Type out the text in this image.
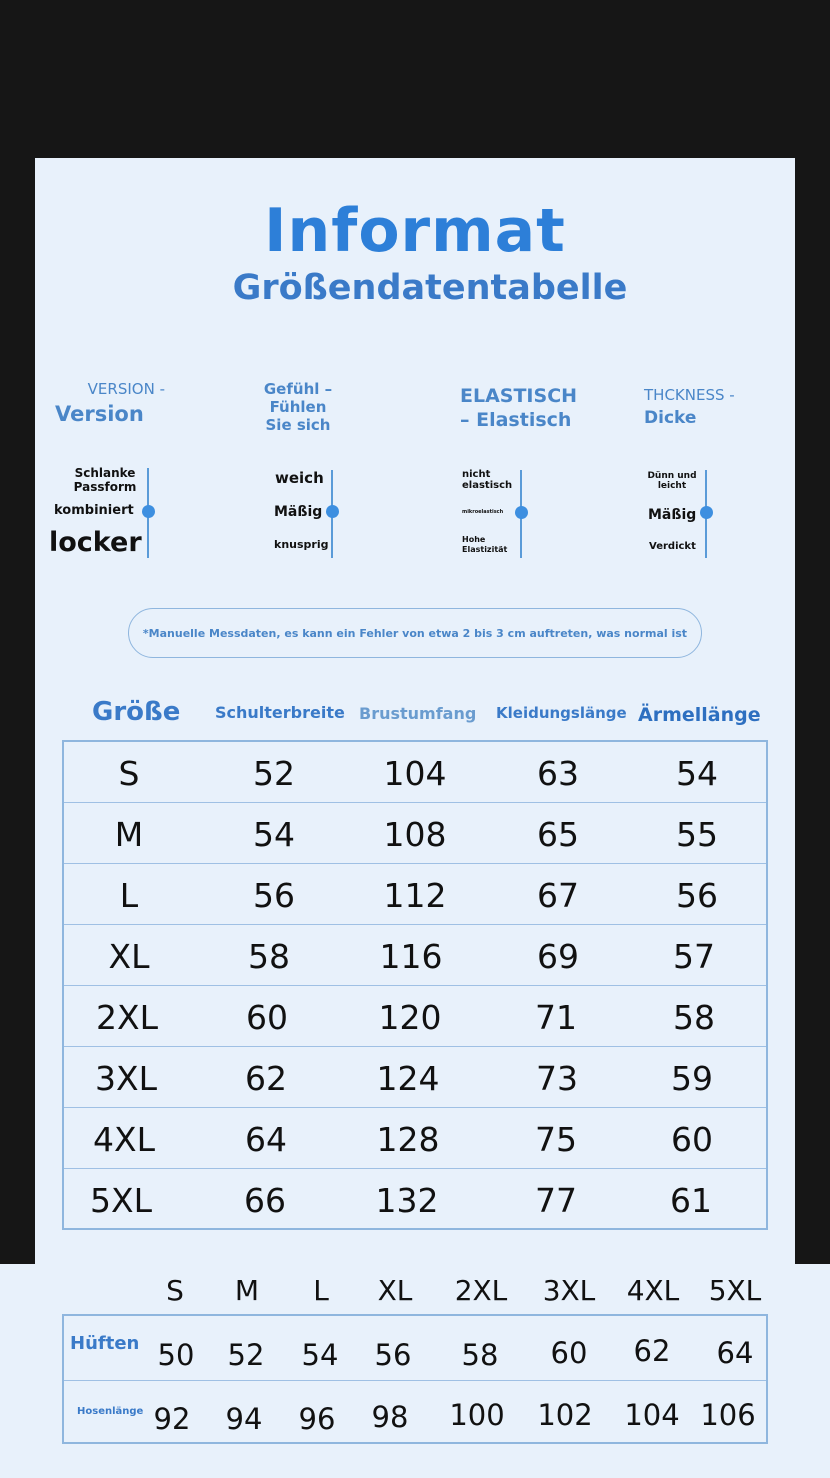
Informat
Größendatentabelle
VERSION -
Version
Schlanke Passform
kombiniert
locker
Gefühl –
Fühlen Sie sich
weich
Mäßig
knusprig
ELASTISCH
– Elastisch
nicht elastisch
mikroelastisch
Hohe Elastizität
THCKNESS -
Dicke
Dünn und leicht
Mäßig
Verdickt
*Manuelle Messdaten, es kann ein Fehler von etwa 2 bis 3 cm auftreten, was normal ist
Größe Schulterbreite Brustumfang Kleidungslänge Ärmellänge
S	52	104	63	54
M	54	108	65	55
L	56	112	67	56
XL	58	116	69	57
2XL	60	120	71	58
3XL	62	124	73	59
4XL	64	128	75	60
5XL	66	132	77	61
S	M	L	XL	2XL	3XL	4XL	5XL
Hüften 50	52	54	56	58	60	62	64
Hosenlänge 92	94	96	98	100	102	104 106
